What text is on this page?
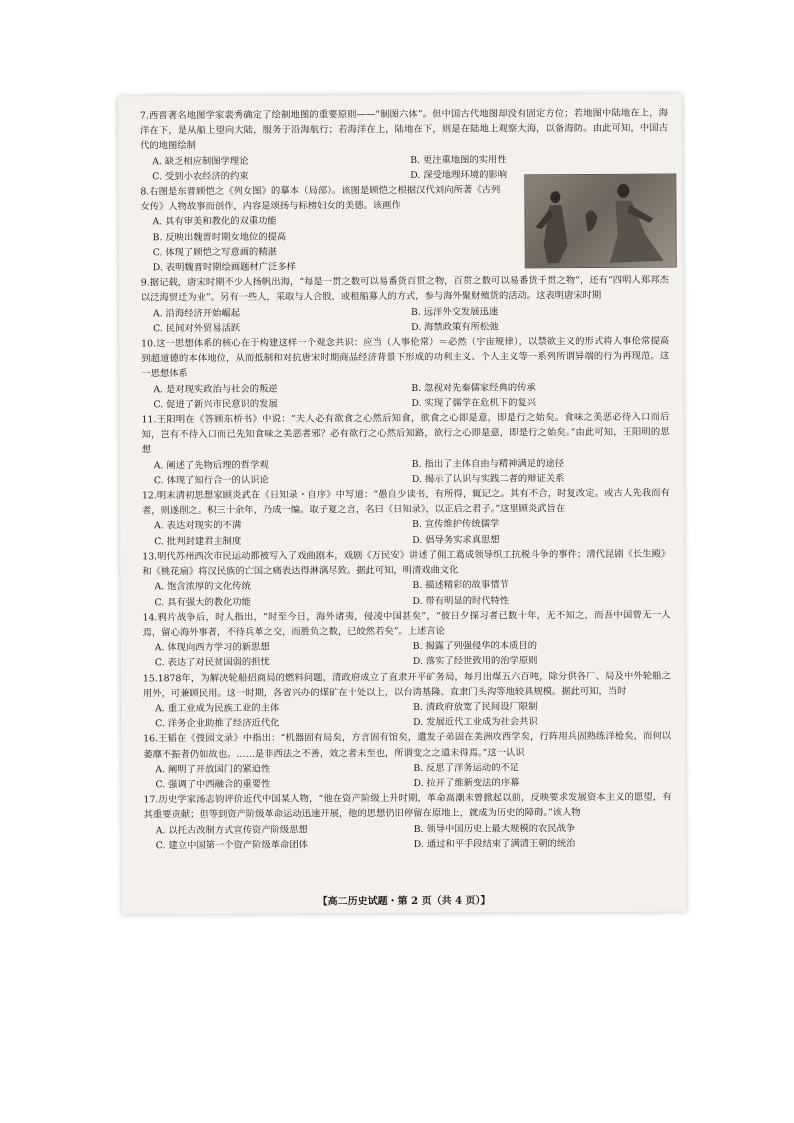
7.西晋著名地图学家裴秀确定了绘制地图的重要原则——“制图六体”。但中国古代地图却没有固定方位；若地图中陆地在上，海洋在下，是从船上望向大陆，服务于沿海航行；若海洋在上，陆地在下，则是在陆地上观察大海，以备海防。由此可知，中国古代的地图绘制
A. 缺乏相应制图学理论	B. 更注重地图的实用性
C. 受到小农经济的约束	D. 深受地理环境的影响
8.右图是东晋顾恺之《列女图》的摹本（局部）。该图是顾恺之根据汉代刘向所著《古列女传》人物故事而创作，内容是颂扬与标榜妇女的美德。该画作
A. 具有审美和教化的双重功能
B. 反映出魏晋时期女地位的提高
C. 体现了顾恺之写意画的精湛
D. 表明魏晋时期绘画题材广泛多样
9.据记载，唐宋时期不少人扬帆出海，“每是一贯之数可以易番货百贯之物，百贯之数可以易番货千贯之物”，还有“四明人郑邦杰以泛海贸迁为业”。另有一些人，采取与人合股，或租船募人的方式，参与海外聚财殖货的活动。这表明唐宋时期
A. 沿海经济开始崛起	B. 远洋外交发展迅速
C. 民间对外贸易活跃	D. 海禁政策有所松弛
10.这一思想体系的核心在于构建这样一个观念共识：应当（人事伦常）＝必然（宇宙规律），以禁欲主义的形式将人事伦常提高到超道德的本体地位，从而抵制和对抗唐宋时期商品经济背景下形成的功利主义、个人主义等一系列所谓异端的行为再现范。这一思想体系
A. 是对现实政治与社会的叛逆	B. 忽视对先秦儒家经典的传承
C. 促进了新兴市民意识的发展	D. 实现了儒学在危机下的复兴
11.王阳明在《答顾东桥书》中说：“夫人必有欲食之心然后知食，欲食之心即是意，即是行之始矣。食味之美恶必待入口而后知，岂有不待入口而已先知食味之美恶者邪？必有欲行之心然后知路，欲行之心即是意，即是行之始矣。”由此可知，王阳明的思想
A. 阐述了先物后理的哲学观	B. 指出了主体自由与精神满足的途径
C. 体现了知行合一的认识论	D. 揭示了认识与实践二者的辩证关系
12.明末清初思想家顾炎武在《日知录・自序》中写道：“愚自少读书，有所得，辄记之。其有不合，时复改定。或古人先我而有者，则遂削之。积三十余年，乃成一编。取子夏之言，名曰《日知录》，以正后之君子。”这里顾炎武旨在
A. 表达对现实的不满	B. 宣传维护传统儒学
C. 批判封建君主制度	D. 倡导务实求真思想
13.明代苏州西次市民运动都被写入了戏曲剧本，戏剧《万民安》讲述了佣工葛成领导织工抗税斗争的事件；清代昆剧《长生殿》和《桃花扇》将汉民族的亡国之痛表达得淋漓尽致。据此可知，明清戏曲文化
A. 饱含浓厚的文化传统	B. 描述精彩的故事情节
C. 具有强大的教化功能	D. 带有明显的时代特性
14.鸦片战争后，时人指出，“时至今日，海外诸夷，侵凌中国甚矣”，“彼日夕探习者已数十年，无不知之，而吾中国曾无一人焉，留心海外事者，不待兵革之交，而胜负之数，已皎然若矣”。上述言论
A. 体现向西方学习的新思想	B. 揭露了列强侵华的本质目的
C. 表达了对民贫国弱的担忧	D. 落实了经世致用的治学原则
15.1878年，为解决轮船招商局的燃料问题，清政府成立了直隶开平矿务局，每月出煤五六百吨，除分供各厂、局及中外轮船之用外，可兼顾民用。这一时期，各省兴办的煤矿在十处以上，以台湾基隆、直隶门头沟等地较具规模。据此可知，当时
A. 重工业成为民族工业的主体	B. 清政府放宽了民间设厂限制
C. 洋务企业助推了经济近代化	D. 发展近代工业成为社会共识
16.王韬在《弢园文录》中指出：“机器固有局矣，方言固有馆矣，遣发子弟固在美洲攻西学矣，行阵用兵固熟练洋枪矣，而何以萎靡不振者仍如故也。……是非西法之不善，效之者未至也，所谓变之之道未得焉。”这一认识
A. 阐明了开放国门的紧迫性	B. 反思了洋务运动的不足
C. 强调了中西融合的重要性	D. 拉开了维新变法的序幕
17.历史学家汤志钧评价近代中国某人物，“他在资产阶级上升时期，革命高潮未曾掀起以前，反映要求发展资本主义的愿望，有其重要贡献；但等到资产阶级革命运动迅速开展，他的思想仍旧停留在原地上，就成为历史的障碍。”该人物
A. 以托古改制方式宣传资产阶级思想	B. 领导中国历史上最大规模的农民战争
C. 建立中国第一个资产阶级革命团体	D. 通过和平手段结束了满清王朝的统治
【高二历史试题・第 2 页（共 4 页）】
